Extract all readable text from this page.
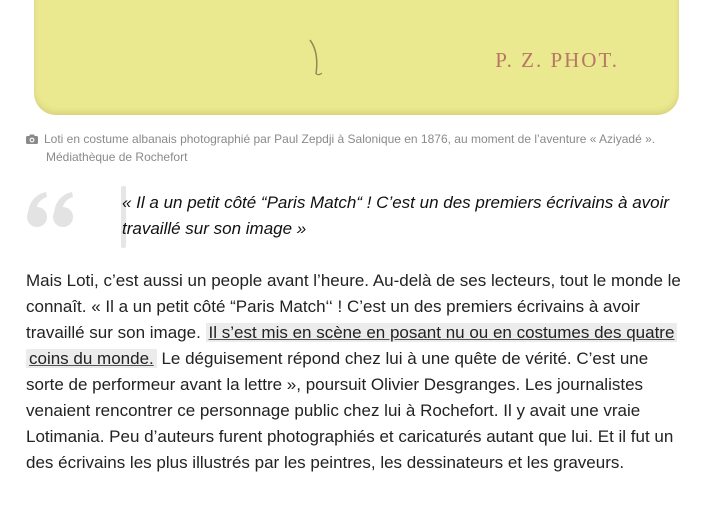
P. Z. PHOT.
Loti en costume albanais photographié par Paul Zepdji à Salonique en 1876, au moment de l’aventure « Aziyadé ».
Médiathèque de Rochefort
« Il a un petit côté “Paris Match“ ! C’est un des premiers écrivains à avoir travaillé sur son image »

Mais Loti, c’est aussi un people avant l’heure. Au-delà de ses lecteurs, tout le monde le connaît. « Il a un petit côté “Paris Match‘‘ ! C’est un des premiers écrivains à avoir travaillé sur son image. Il s’est mis en scène en posant nu ou en costumes des quatre coins du monde. Le déguisement répond chez lui à une quête de vérité. C’est une sorte de performeur avant la lettre », poursuit Olivier Desgranges. Les journalistes venaient rencontrer ce personnage public chez lui à Rochefort. Il y avait une vraie Lotimania. Peu d’auteurs furent photographiés et caricaturés autant que lui. Et il fut un des écrivains les plus illustrés par les peintres, les dessinateurs et les graveurs.
